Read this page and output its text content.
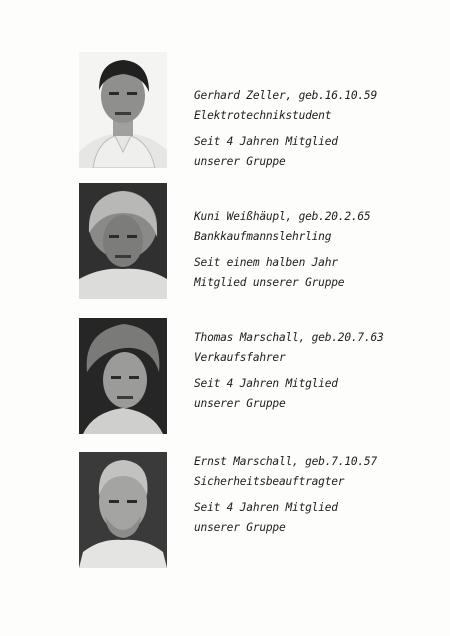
Gerhard Zeller, geb.16.10.59
Elektrotechnikstudent
Seit 4 Jahren Mitglied
unserer Gruppe
Kuni Weißhäupl, geb.20.2.65
Bankkaufmannslehrling
Seit einem halben Jahr
Mitglied unserer Gruppe
Thomas Marschall, geb.20.7.63
Verkaufsfahrer
Seit 4 Jahren Mitglied
unserer Gruppe
Ernst Marschall, geb.7.10.57
Sicherheitsbeauftragter
Seit 4 Jahren Mitglied
unserer Gruppe
